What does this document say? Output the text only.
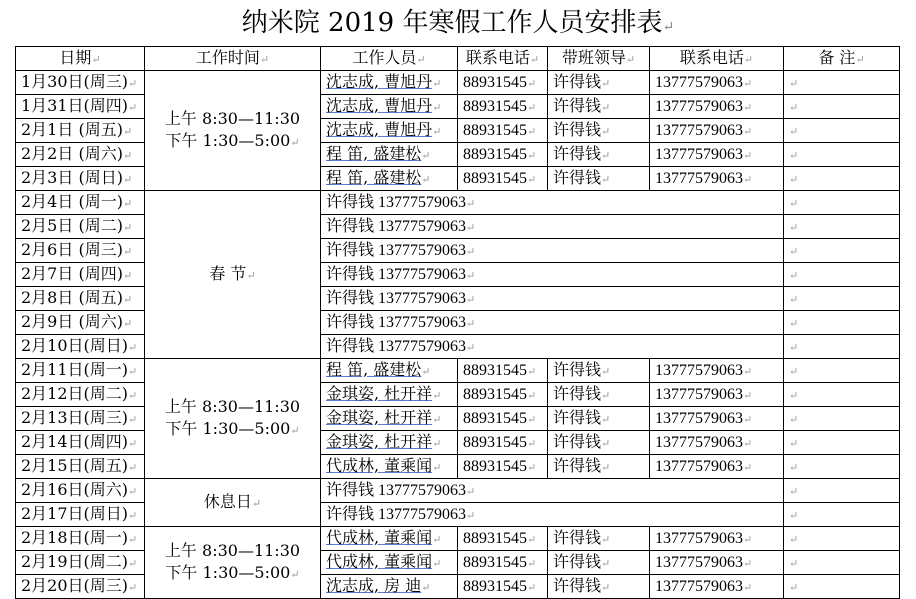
纳米院 2019 年寒假工作人员安排表↵
日期↵	工作时间↵	工作人员↵	联系电话↵	带班领导↵	联系电话↵	备 注↵
1月30日(周三)↵	上午 8:30—11:30
下午 1:30—5:00↵	沈志成, 曹旭丹↵	88931545↵	许得钱↵	13777579063↵	↵
1月31日(周四)↵		沈志成, 曹旭丹↵	88931545↵	许得钱↵	13777579063↵	↵
2月1日 (周五)↵		沈志成, 曹旭丹↵	88931545↵	许得钱↵	13777579063↵	↵
2月2日 (周六)↵		程 笛, 盛建松↵	88931545↵	许得钱↵	13777579063↵	↵
2月3日 (周日)↵		程 笛, 盛建松↵	88931545↵	许得钱↵	13777579063↵	↵
2月4日 (周一)↵	春 节↵	许得钱 13777579063↵				↵
2月5日 (周二)↵		许得钱 13777579063↵				↵
2月6日 (周三)↵		许得钱 13777579063↵				↵
2月7日 (周四)↵		许得钱 13777579063↵				↵
2月8日 (周五)↵		许得钱 13777579063↵				↵
2月9日 (周六)↵		许得钱 13777579063↵				↵
2月10日(周日)↵		许得钱 13777579063↵				↵
2月11日(周一)↵	上午 8:30—11:30
下午 1:30—5:00↵	程 笛, 盛建松↵	88931545↵	许得钱↵	13777579063↵	↵
2月12日(周二)↵		金琪姿, 杜开祥↵	88931545↵	许得钱↵	13777579063↵	↵
2月13日(周三)↵		金琪姿, 杜开祥↵	88931545↵	许得钱↵	13777579063↵	↵
2月14日(周四)↵		金琪姿, 杜开祥↵	88931545↵	许得钱↵	13777579063↵	↵
2月15日(周五)↵		代成林, 董乘闻↵	88931545↵	许得钱↵	13777579063↵	↵
2月16日(周六)↵	休息日↵	许得钱 13777579063↵				↵
2月17日(周日)↵		许得钱 13777579063↵				↵
2月18日(周一)↵	上午 8:30—11:30
下午 1:30—5:00↵	代成林, 董乘闻↵	88931545↵	许得钱↵	13777579063↵	↵
2月19日(周二)↵		代成林, 董乘闻↵	88931545↵	许得钱↵	13777579063↵	↵
2月20日(周三)↵		沈志成, 房 迪↵	88931545↵	许得钱↵	13777579063↵	↵
